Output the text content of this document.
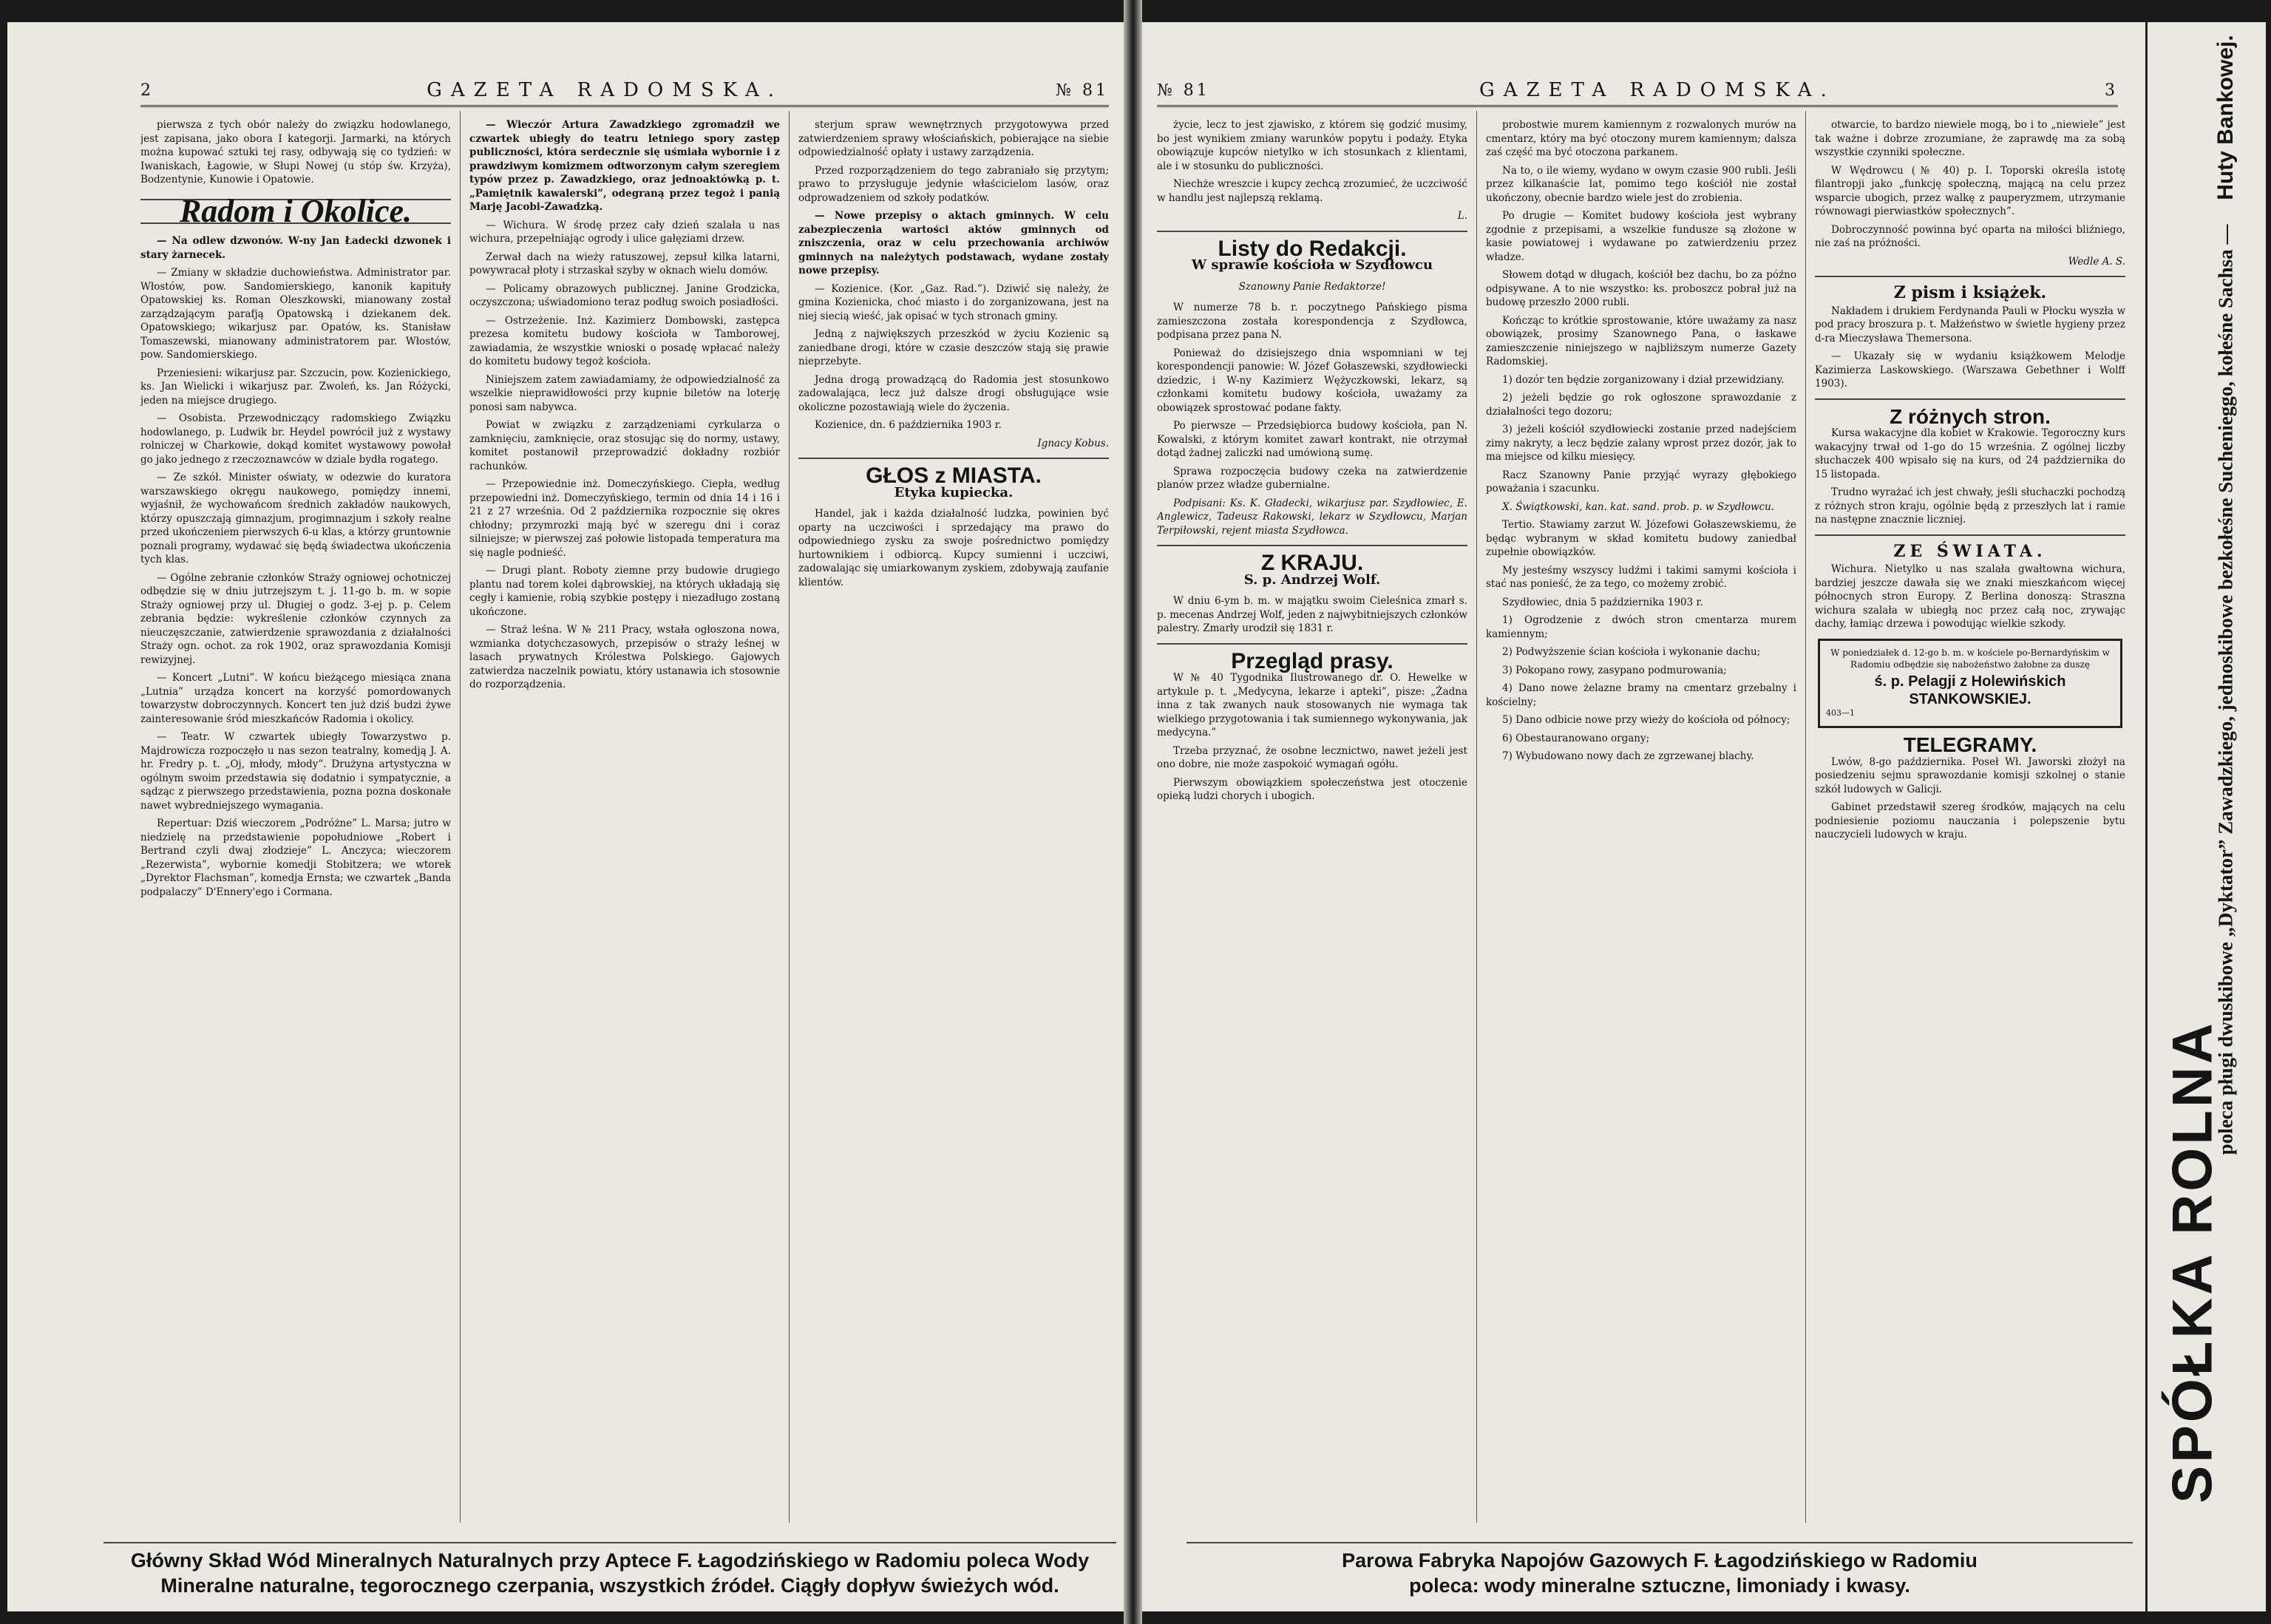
2	GAZETA RADOMSKA.	№ 81

pierwsza z tych obór należy do związku hodowlanego, jest zapisana, jako obora I kategorji. Jarmarki, na których można kupować sztuki tej rasy, odbywają się co tydzień: w Iwaniskach, Łagowie, w Słupi Nowej (u stóp św. Krzyża), Bodzentynie, Kunowie i Opatowie.

Radom i Okolice.

— Na odlew dzwonów. W-ny Jan Ładecki dzwonek i stary żarnecek.

— Zmiany w składzie duchowieństwa. Administrator par. Włostów, pow. Sandomierskiego, kanonik kapituły Opatowskiej ks. Roman Oleszkowski, mianowany został zarządzającym parafją Opatowską i dziekanem dek. Opatowskiego; wikarjusz par. Opatów, ks. Stanisław Tomaszewski, mianowany administratorem par. Włostów, pow. Sandomierskiego.

Przeniesieni: wikarjusz par. Szczucin, pow. Kozienickiego, ks. Jan Wielicki i wikarjusz par. Zwoleń, ks. Jan Różycki, jeden na miejsce drugiego.

— Osobista. Przewodniczący radomskiego Związku hodowlanego, p. Ludwik br. Heydel powrócił już z wystawy rolniczej w Charkowie, dokąd komitet wystawowy powołał go jako jednego z rzeczoznawców w dziale bydła rogatego.

— Ze szkół. Minister oświaty, w odezwie do kuratora warszawskiego okręgu naukowego, pomiędzy innemi, wyjaśnił, że wychowańcom średnich zakładów naukowych, którzy opuszczają gimnazjum, progimnazjum i szkoły realne przed ukończeniem pierwszych 6-u klas, a którzy gruntownie poznali programy, wydawać się będą świadectwa ukończenia tych klas.

— Ogólne zebranie członków Straży ogniowej ochotniczej odbędzie się w dniu jutrzejszym t. j. 11-go b. m. w sopie Straży ogniowej przy ul. Długiej o godz. 3-ej p. p. Celem zebrania będzie: wykreślenie członków czynnych za nieuczęszczanie, zatwierdzenie sprawozdania z działalności Straży ogn. ochot. za rok 1902, oraz sprawozdania Komisji rewizyjnej.

— Koncert „Lutni”. W końcu bieżącego miesiąca znana „Lutnia” urządza koncert na korzyść pomordowanych towarzystw dobroczynnych. Koncert ten już dziś budzi żywe zainteresowanie śród mieszkańców Radomia i okolicy.

— Teatr. W czwartek ubiegły Towarzystwo p. Majdrowicza rozpoczęło u nas sezon teatralny, komedją J. A. hr. Fredry p. t. „Oj, młody, młody”. Drużyna artystyczna w ogólnym swoim przedstawia się dodatnio i sympatycznie, a sądząc z pierwszego przedstawienia, pozna pozna doskonałe nawet wybredniejszego wymagania.

Repertuar: Dziś wieczorem „Podróżne” L. Marsa; jutro w niedzielę na przedstawienie popołudniowe „Robert i Bertrand czyli dwaj złodzieje” L. Anczyca; wieczorem „Rezerwista”, wybornie komedji Stobitzera; we wtorek „Dyrektor Flachsman”, komedja Ernsta; we czwartek „Banda podpalaczy” D'Ennery'ego i Cormana.

— Wieczór Artura Zawadzkiego zgromadził we czwartek ubiegły do teatru letniego spory zastęp publiczności, która serdecznie się uśmiała wybornie i z prawdziwym komizmem odtworzonym całym szeregiem typów przez p. Zawadzkiego, oraz jednoaktówką p. t. „Pamiętnik kawalerski”, odegraną przez tegoż i panią Marję Jacobi-Zawadzką.

— Wichura. W środę przez cały dzień szalała u nas wichura, przepełniając ogrody i ulice gałęziami drzew.

Zerwał dach na wieży ratuszowej, zepsuł kilka latarni, powywracał płoty i strzaskał szyby w oknach wielu domów.

— Policamy obrazowych publicznej. Janine Grodzicka, oczyszczona; uświadomiono teraz podług swoich posiadłości.

— Ostrzeżenie. Inż. Kazimierz Dombowski, zastępca prezesa komitetu budowy kościoła w Tamborowej, zawiadamia, że wszystkie wnioski o posadę wpłacać należy do komitetu budowy tegoż kościoła.

Niniejszem zatem zawiadamiamy, że odpowiedzialność za wszelkie nieprawidłowości przy kupnie biletów na loterję ponosi sam nabywca.

Powiat w związku z zarządzeniami cyrkularza o zamknięciu, zamknięcie, oraz stosując się do normy, ustawy, komitet postanowił przeprowadzić dokładny rozbiór rachunków.

— Przepowiednie inż. Domeczyńskiego. Ciepła, według przepowiedni inż. Domeczyńskiego, termin od dnia 14 i 16 i 21 z 27 września. Od 2 października rozpocznie się okres chłodny; przymrozki mają być w szeregu dni i coraz silniejsze; w pierwszej zaś połowie listopada temperatura ma się nagle podnieść.

— Drugi plant. Roboty ziemne przy budowie drugiego plantu nad torem kolei dąbrowskiej, na których układają się cegły i kamienie, robią szybkie postępy i niezadługo zostaną ukończone.

— Straż leśna. W № 211 Pracy, wstała ogłoszona nowa, wzmianka dotychczasowych, przepisów o straży leśnej w lasach prywatnych Królestwa Polskiego. Gajowych zatwierdza naczelnik powiatu, który ustanawia ich stosownie do rozporządzenia.

sterjum spraw wewnętrznych przygotowywa przed zatwierdzeniem sprawy włościańskich, pobierające na siebie odpowiedzialność opłaty i ustawy zarządzenia.

Przed rozporządzeniem do tego zabraniało się przytym; prawo to przysługuje jedynie właścicielom lasów, oraz odprowadzeniem od szkoły podatków.

— Nowe przepisy o aktach gminnych. W celu zabezpieczenia wartości aktów gminnych od zniszczenia, oraz w celu przechowania archiwów gminnych na należytych podstawach, wydane zostały nowe przepisy.

— Kozienice. (Kor. „Gaz. Rad.”). Dziwić się należy, że gmina Kozienicka, choć miasto i do zorganizowana, jest na niej siecią wieść, jak opisać w tych stronach gminy.

Jedną z największych przeszkód w życiu Kozienic są zaniedbane drogi, które w czasie deszczów stają się prawie nieprzebyte.

Jedna drogą prowadzącą do Radomia jest stosunkowo zadowalająca, lecz już dalsze drogi obsługujące wsie okoliczne pozostawiają wiele do życzenia.

Kozienice, dn. 6 października 1903 r.

Ignacy Kobus.
GŁOS z MIASTA.
Etyka kupiecka.

Handel, jak i każda działalność ludzka, powinien być oparty na uczciwości i sprzedający ma prawo do odpowiedniego zysku za swoje pośrednictwo pomiędzy hurtownikiem i odbiorcą. Kupcy sumienni i uczciwi, zadowalając się umiarkowanym zyskiem, zdobywają zaufanie klientów.

Główny Skład Wód Mineralnych Naturalnych przy Aptece F. Łagodzińskiego w Radomiu poleca Wody
Mineralne naturalne, tegorocznego czerpania, wszystkich źródeł. Ciągły dopływ świeżych wód.
№ 81	GAZETA RADOMSKA.	3

życie, lecz to jest zjawisko, z którem się godzić musimy, bo jest wynikiem zmiany warunków popytu i podaży. Etyka obowiązuje kupców nietylko w ich stosunkach z klientami, ale i w stosunku do publiczności.

Niechże wreszcie i kupcy zechcą zrozumieć, że uczciwość w handlu jest najlepszą reklamą.

L.
Listy do Redakcji.
W sprawie kościoła w Szydłowcu
Szanowny Panie Redaktorze!

W numerze 78 b. r. poczytnego Pańskiego pisma zamieszczona została korespondencja z Szydłowca, podpisana przez pana N.

Ponieważ do dzisiejszego dnia wspomniani w tej korespondencji panowie: W. Józef Gołaszewski, szydłowiecki dziedzic, i W-ny Kazimierz Wężyczkowski, lekarz, są członkami komitetu budowy kościoła, uważamy za obowiązek sprostować podane fakty.

Po pierwsze — Przedsiębiorca budowy kościoła, pan N. Kowalski, z którym komitet zawarł kontrakt, nie otrzymał dotąd żadnej zaliczki nad umówioną sumę.

Sprawa rozpoczęcia budowy czeka na zatwierdzenie planów przez władze gubernialne.

Podpisani: Ks. K. Gładecki, wikarjusz par. Szydłowiec, E. Anglewicz, Tadeusz Rakowski, lekarz w Szydłowcu, Marjan Terpiłowski, rejent miasta Szydłowca.

Z KRAJU.
S. p. Andrzej Wolf.

W dniu 6-ym b. m. w majątku swoim Cieleśnica zmarł s. p. mecenas Andrzej Wolf, jeden z najwybitniejszych członków palestry. Zmarły urodził się 1831 r.

Przegląd prasy.

W № 40 Tygodnika Ilustrowanego dr. O. Hewelke w artykule p. t. „Medycyna, lekarze i apteki”, pisze: „Żadna inna z tak zwanych nauk stosowanych nie wymaga tak wielkiego przygotowania i tak sumiennego wykonywania, jak medycyna.”

Trzeba przyznać, że osobne lecznictwo, nawet jeżeli jest ono dobre, nie może zaspokoić wymagań ogółu.

Pierwszym obowiązkiem społeczeństwa jest otoczenie opieką ludzi chorych i ubogich.

probostwie murem kamiennym z rozwalonych murów na cmentarz, który ma być otoczony murem kamiennym; dalsza zaś część ma być otoczona parkanem.

Na to, o ile wiemy, wydano w owym czasie 900 rubli. Jeśli przez kilkanaście lat, pomimo tego kościół nie został ukończony, obecnie bardzo wiele jest do zrobienia.

Po drugie — Komitet budowy kościoła jest wybrany zgodnie z przepisami, a wszelkie fundusze są złożone w kasie powiatowej i wydawane po zatwierdzeniu przez władze.

Słowem dotąd w długach, kościół bez dachu, bo za późno odpisywane. A to nie wszystko: ks. proboszcz pobrał już na budowę przeszło 2000 rubli.

Kończąc to krótkie sprostowanie, które uważamy za nasz obowiązek, prosimy Szanownego Pana, o łaskawe zamieszczenie niniejszego w najbliższym numerze Gazety Radomskiej.

1) dozór ten będzie zorganizowany i dział przewidziany.

2) jeżeli będzie go rok ogłoszone sprawozdanie z działalności tego dozoru;

3) jeżeli kościół szydłowiecki zostanie przed nadejściem zimy nakryty, a lecz będzie zalany wprost przez dozór, jak to ma miejsce od kilku miesięcy.

Racz Szanowny Panie przyjąć wyrazy głębokiego poważania i szacunku.

X. Świątkowski, kan. kat. sand. prob. p. w Szydłowcu.

Tertio. Stawiamy zarzut W. Józefowi Gołaszewskiemu, że będąc wybranym w skład komitetu budowy zaniedbał zupełnie obowiązków.

My jesteśmy wszyscy ludźmi i takimi samymi kościoła i stać nas ponieść, że za tego, co możemy zrobić.

Szydłowiec, dnia 5 października 1903 r.

1) Ogrodzenie z dwóch stron cmentarza murem kamiennym;

2) Podwyższenie ścian kościoła i wykonanie dachu;

3) Pokopano rowy, zasypano podmurowania;

4) Dano nowe żelazne bramy na cmentarz grzebalny i kościelny;

5) Dano odbicie nowe przy wieży do kościoła od północy;

6) Obestauranowano organy;

7) Wybudowano nowy dach ze zgrzewanej blachy.

otwarcie, to bardzo niewiele mogą, bo i to „niewiele” jest tak ważne i dobrze zrozumiane, że zaprawdę ma za sobą wszystkie czynniki społeczne.

W Wędrowcu (№ 40) p. I. Toporski określa istotę filantropji jako „funkcję społeczną, mającą na celu przez wsparcie ubogich, przez walkę z pauperyzmem, utrzymanie równowagi pierwiastków społecznych”.

Dobroczynność powinna być oparta na miłości bliźniego, nie zaś na próżności.

Wedle A. S.
Z pism i książek.

Nakładem i drukiem Ferdynanda Pauli w Płocku wyszła w pod pracy broszura p. t. Małżeństwo w świetle hygieny przez d-ra Mieczysława Themersona.

— Ukazały się w wydaniu książkowem Melodje Kazimierza Laskowskiego. (Warszawa Gebethner i Wolff 1903).

Z różnych stron.

Kursa wakacyjne dla kobiet w Krakowie. Tegoroczny kurs wakacyjny trwał od 1-go do 15 września. Z ogólnej liczby słuchaczek 400 wpisało się na kurs, od 24 października do 15 listopada.

Trudno wyrażać ich jest chwały, jeśli słuchaczki pochodzą z różnych stron kraju, ogólnie będą z przeszłych lat i ramie na następne znacznie liczniej.

ZE ŚWIATA.

Wichura. Nietylko u nas szalała gwałtowna wichura, bardziej jeszcze dawała się we znaki mieszkańcom więcej północnych stron Europy. Z Berlina donoszą: Straszna wichura szalała w ubiegłą noc przez całą noc, zrywając dachy, łamiąc drzewa i powodując wielkie szkody.

W poniedziałek d. 12-go b. m. w kościele po-Bernardyńskim w Radomiu odbędzie się nabożeństwo żałobne za duszę
ś. p. Pelagji z Holewińskich
STANKOWSKIEJ.
403—1
TELEGRAMY.

Lwów, 8-go października. Poseł Wł. Jaworski złożył na posiedzeniu sejmu sprawozdanie komisji szkolnej o stanie szkół ludowych w Galicji.

Gabinet przedstawił szereg środków, mających na celu podniesienie poziomu nauczania i polepszenie bytu nauczycieli ludowych w kraju.

SPÓŁKA ROLNA
poleca pługi dwuskibowe „Dyktator” Zawadzkiego, jednoskibowe bezkołeśne Suchenieggo, kołeśne Sachsa —
Huty Bankowej.
Parowa Fabryka Napojów Gazowych F. Łagodzińskiego w Radomiu
poleca: wody mineralne sztuczne, limoniady i kwasy.
